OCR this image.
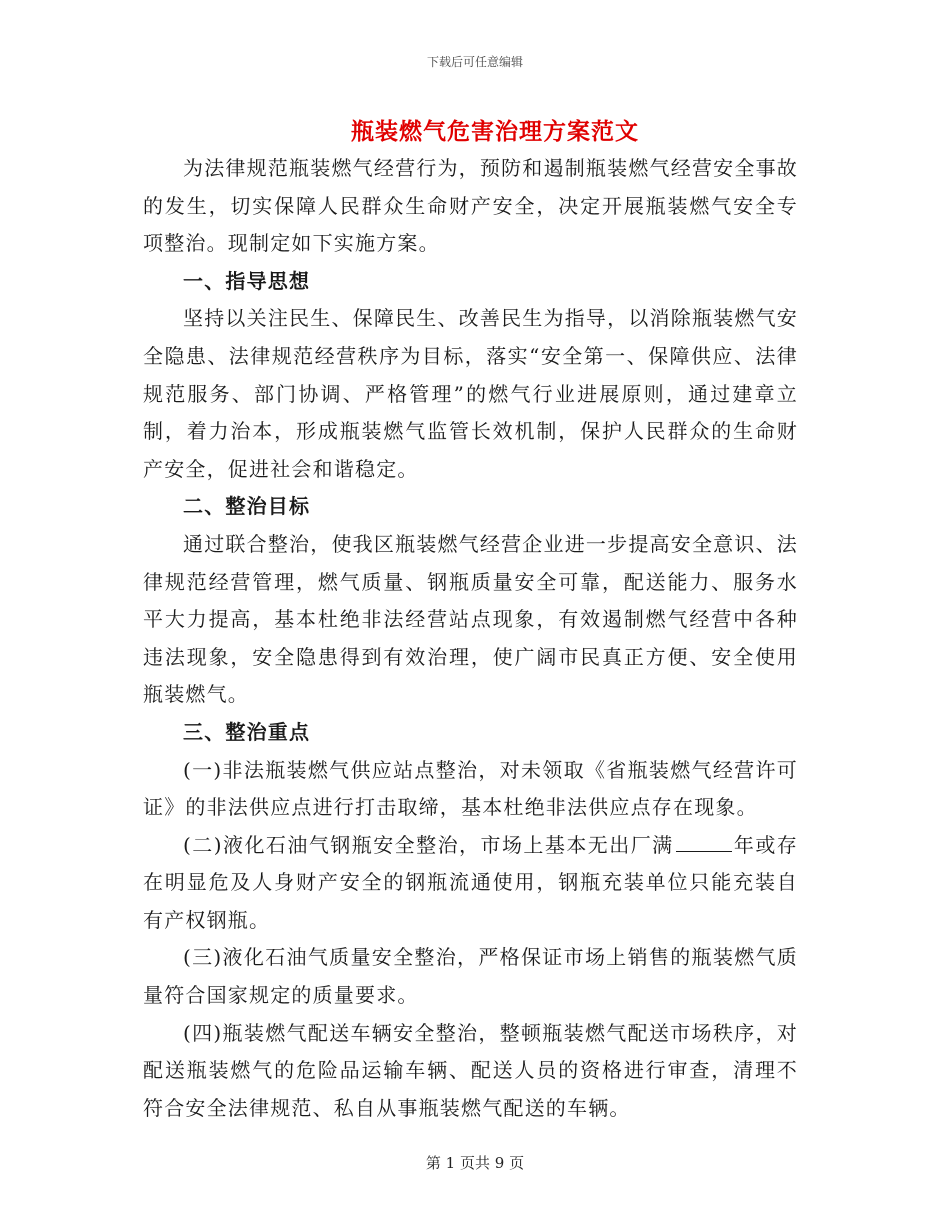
下载后可任意编辑
瓶装燃气危害治理方案范文

为法律规范瓶装燃气经营行为，预防和遏制瓶装燃气经营安全事故的发生，切实保障人民群众生命财产安全，决定开展瓶装燃气安全专项整治。现制定如下实施方案。

一、指导思想

坚持以关注民生、保障民生、改善民生为指导，以消除瓶装燃气安全隐患、法律规范经营秩序为目标，落实“安全第一、保障供应、法律规范服务、部门协调、严格管理”的燃气行业进展原则，通过建章立制，着力治本，形成瓶装燃气监管长效机制，保护人民群众的生命财产安全，促进社会和谐稳定。

二、整治目标

通过联合整治，使我区瓶装燃气经营企业进一步提高安全意识、法律规范经营管理，燃气质量、钢瓶质量安全可靠，配送能力、服务水平大力提高，基本杜绝非法经营站点现象，有效遏制燃气经营中各种违法现象，安全隐患得到有效治理，使广阔市民真正方便、安全使用瓶装燃气。

三、整治重点

(一)非法瓶装燃气供应站点整治，对未领取《省瓶装燃气经营许可证》的非法供应点进行打击取缔，基本杜绝非法供应点存在现象。

(二)液化石油气钢瓶安全整治，市场上基本无出厂满	年或存在明显危及人身财产安全的钢瓶流通使用，钢瓶充装单位只能充装自有产权钢瓶。

(三)液化石油气质量安全整治，严格保证市场上销售的瓶装燃气质量符合国家规定的质量要求。

(四)瓶装燃气配送车辆安全整治，整顿瓶装燃气配送市场秩序，对配送瓶装燃气的危险品运输车辆、配送人员的资格进行审查，清理不符合安全法律规范、私自从事瓶装燃气配送的车辆。

第 1 页共 9 页
